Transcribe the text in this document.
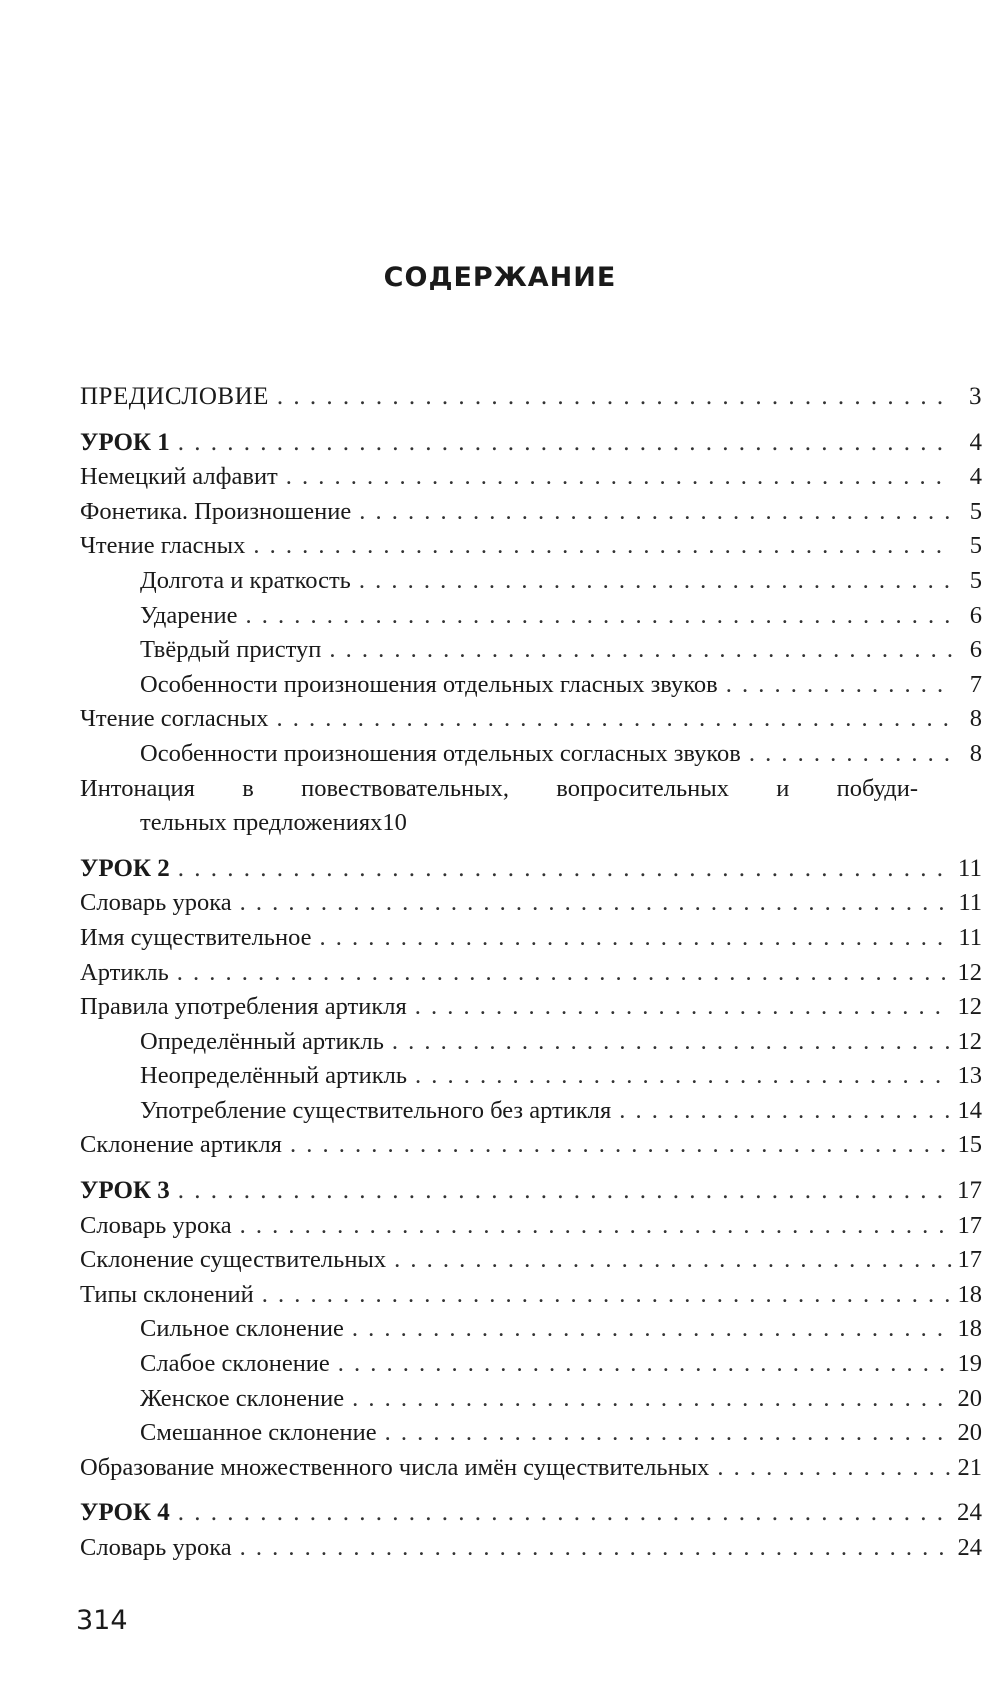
СОДЕРЖАНИЕ
ПРЕДИСЛОВИЕ . . .	3
УРОК 1 . . .	4
Немецкий алфавит . . .	4
Фонетика. Произношение . . .	5
Чтение гласных . . .	5
Долгота и краткость . . .	5
Ударение . . .	6
Твёрдый приступ . . .	6
Особенности произношения отдельных гласных звуков . . .	7
Чтение согласных . . .	8
Особенности произношения отдельных согласных звуков . . .	8
Интонация в повествовательных, вопросительных и побуди-
тельных предложениях 10
УРОК 2 . . .	11
Словарь урока . . .	11
Имя существительное . . .	11
Артикль . . .	12
Правила употребления артикля . . .	12
Определённый артикль . . .	12
Неопределённый артикль . . .	13
Употребление существительного без артикля . . .	14
Склонение артикля . . .	15
УРОК 3 . . .	17
Словарь урока . . .	17
Склонение существительных . . .	17
Типы склонений . . .	18
Сильное склонение . . .	18
Слабое склонение . . .	19
Женское склонение . . .	20
Смешанное склонение . . .	20
Образование множественного числа имён существительных . . .	21
УРОК 4 . . .	24
Словарь урока . . .	24
314
